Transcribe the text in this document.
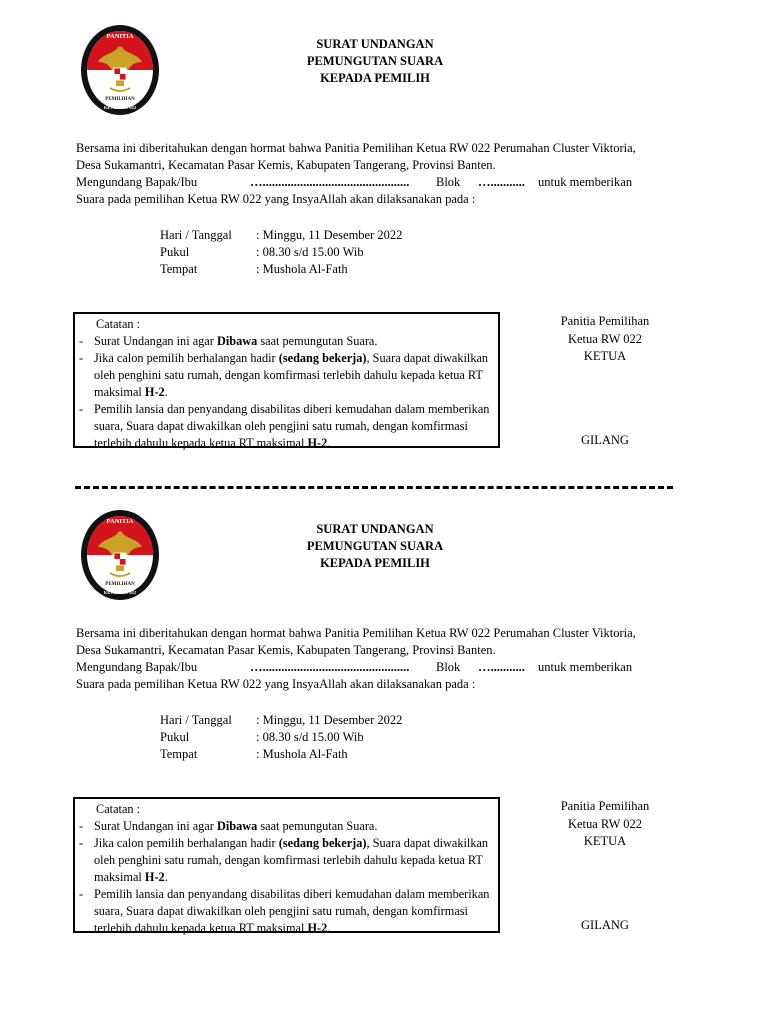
PANITIA
PEMILIHAN
KETUA RW 022
SURAT UNDANGAN
PEMUNGUTAN SUARA
KEPADA PEMILIH
Bersama ini diberitahukan dengan hormat bahwa Panitia Pemilihan Ketua RW 022 Perumahan Cluster Viktoria,
Desa Sukamantri, Kecamatan Pasar Kemis, Kabupaten Tangerang, Provinsi Banten.
Mengundang Bapak/Ibu	…............................................... Blok …........... untuk memberikan
Suara pada pemilihan Ketua RW 022 yang InsyaAllah akan dilaksanakan pada :
Hari / Tanggal : Minggu, 11 Desember 2022
Pukul	: 08.30 s/d 15.00 Wib
Tempat	: Mushola Al-Fath
Catatan :
- Surat Undangan ini agar Dibawa saat pemungutan Suara.
- Jika calon pemilih berhalangan hadir (sedang bekerja), Suara dapat diwakilkan
oleh penghini satu rumah, dengan komfirmasi terlebih dahulu kepada ketua RT
maksimal H-2.
- Pemilih lansia dan penyandang disabilitas diberi kemudahan dalam memberikan
suara, Suara dapat diwakilkan oleh pengjini satu rumah, dengan komfirmasi
terlebih dahulu kepada ketua RT maksimal H-2.
Panitia Pemilihan
Ketua RW 022
KETUA
GILANG
PANITIA
PEMILIHAN
KETUA RW 022
SURAT UNDANGAN
PEMUNGUTAN SUARA
KEPADA PEMILIH
Bersama ini diberitahukan dengan hormat bahwa Panitia Pemilihan Ketua RW 022 Perumahan Cluster Viktoria,
Desa Sukamantri, Kecamatan Pasar Kemis, Kabupaten Tangerang, Provinsi Banten.
Mengundang Bapak/Ibu	…............................................... Blok …........... untuk memberikan
Suara pada pemilihan Ketua RW 022 yang InsyaAllah akan dilaksanakan pada :
Hari / Tanggal : Minggu, 11 Desember 2022
Pukul	: 08.30 s/d 15.00 Wib
Tempat	: Mushola Al-Fath
Catatan :
- Surat Undangan ini agar Dibawa saat pemungutan Suara.
- Jika calon pemilih berhalangan hadir (sedang bekerja), Suara dapat diwakilkan
oleh penghini satu rumah, dengan komfirmasi terlebih dahulu kepada ketua RT
maksimal H-2.
- Pemilih lansia dan penyandang disabilitas diberi kemudahan dalam memberikan
suara, Suara dapat diwakilkan oleh pengjini satu rumah, dengan komfirmasi
terlebih dahulu kepada ketua RT maksimal H-2.
Panitia Pemilihan
Ketua RW 022
KETUA
GILANG
